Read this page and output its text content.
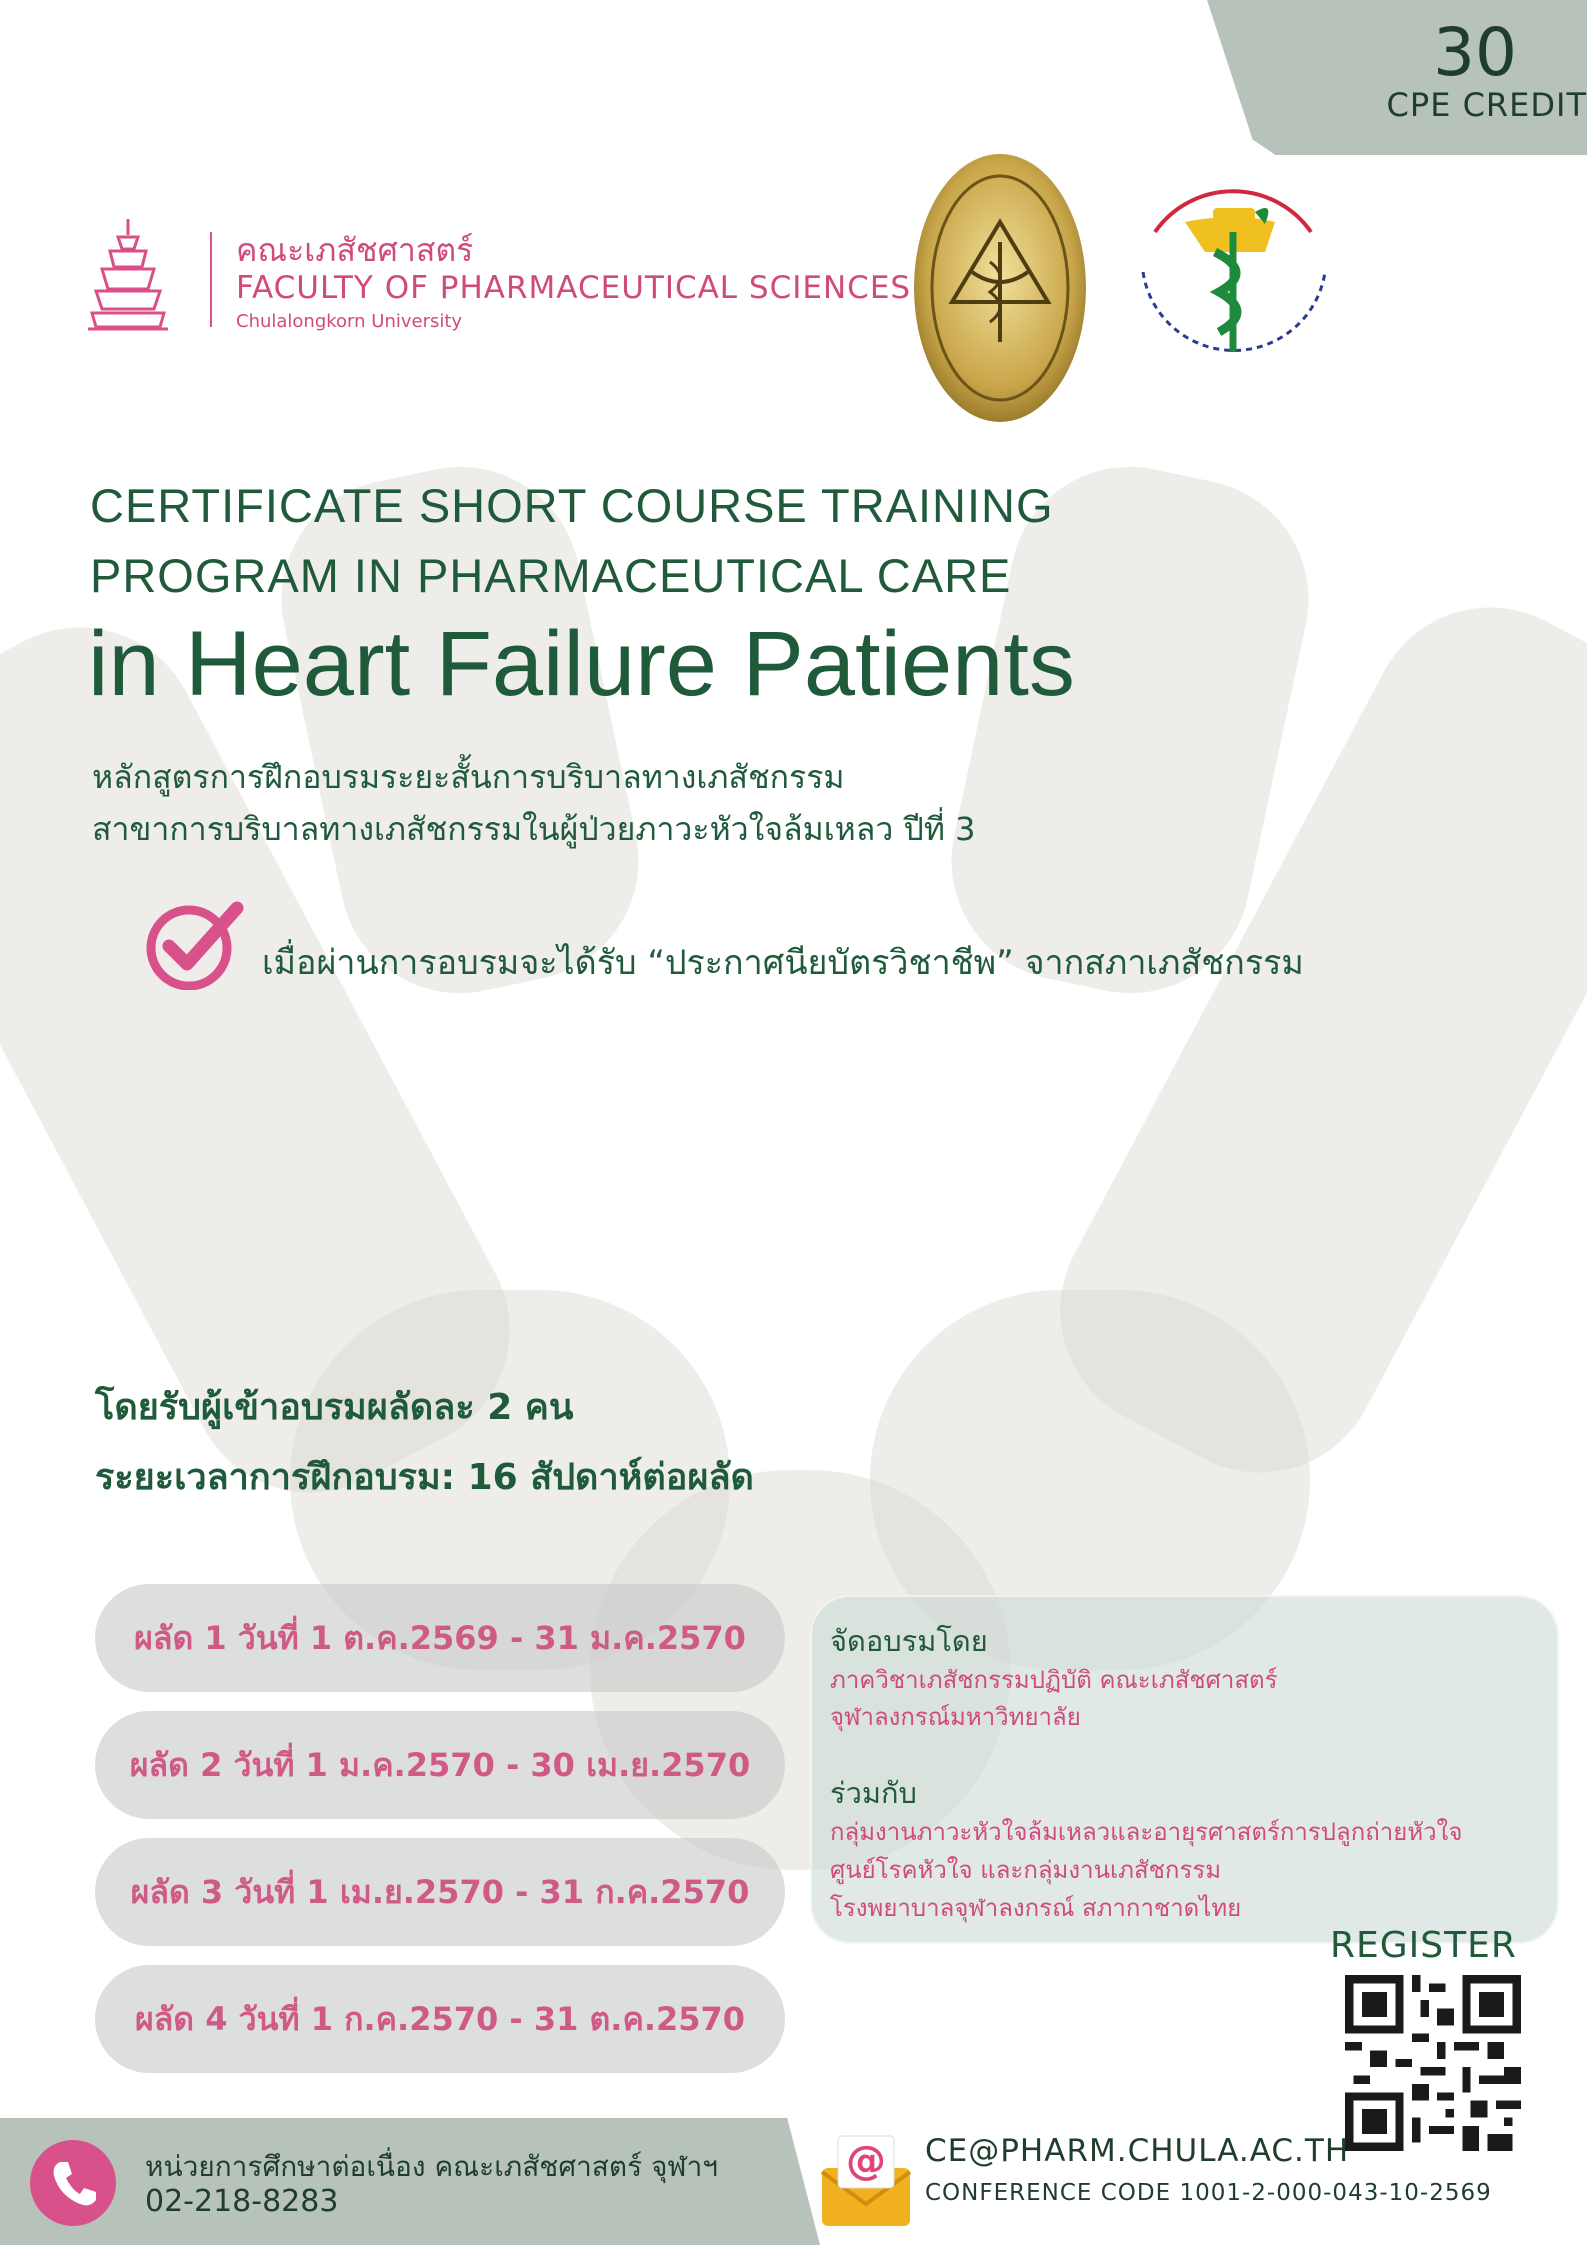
30
CPE CREDIT
คณะเภสัชศาสตร์
FACULTY OF PHARMACEUTICAL SCIENCES
Chulalongkorn University
CERTIFICATE SHORT COURSE TRAINING
PROGRAM IN PHARMACEUTICAL CARE
in Heart Failure Patients
หลักสูตรการฝึกอบรมระยะสั้นการบริบาลทางเภสัชกรรม
สาขาการบริบาลทางเภสัชกรรมในผู้ป่วยภาวะหัวใจล้มเหลว ปีที่ 3
เมื่อผ่านการอบรมจะได้รับ “ประกาศนียบัตรวิชาชีพ” จากสภาเภสัชกรรม
โดยรับผู้เข้าอบรมผลัดละ 2 คน
ระยะเวลาการฝึกอบรม: 16 สัปดาห์ต่อผลัด
ผลัด 1 วันที่ 1 ต.ค.2569 - 31 ม.ค.2570
ผลัด 2 วันที่ 1 ม.ค.2570 - 30 เม.ย.2570
ผลัด 3 วันที่ 1 เม.ย.2570 - 31 ก.ค.2570
ผลัด 4 วันที่ 1 ก.ค.2570 - 31 ต.ค.2570
จัดอบรมโดย
ภาควิชาเภสัชกรรมปฏิบัติ คณะเภสัชศาสตร์
จุฬาลงกรณ์มหาวิทยาลัย
ร่วมกับ
กลุ่มงานภาวะหัวใจล้มเหลวและอายุรศาสตร์การปลูกถ่ายหัวใจ
ศูนย์โรคหัวใจ และกลุ่มงานเภสัชกรรม
โรงพยาบาลจุฬาลงกรณ์ สภากาชาดไทย
REGISTER
หน่วยการศึกษาต่อเนื่อง คณะเภสัชศาสตร์ จุฬาฯ
02-218-8283
@ CE@PHARM.CHULA.AC.TH
CONFERENCE CODE 1001-2-000-043-10-2569
